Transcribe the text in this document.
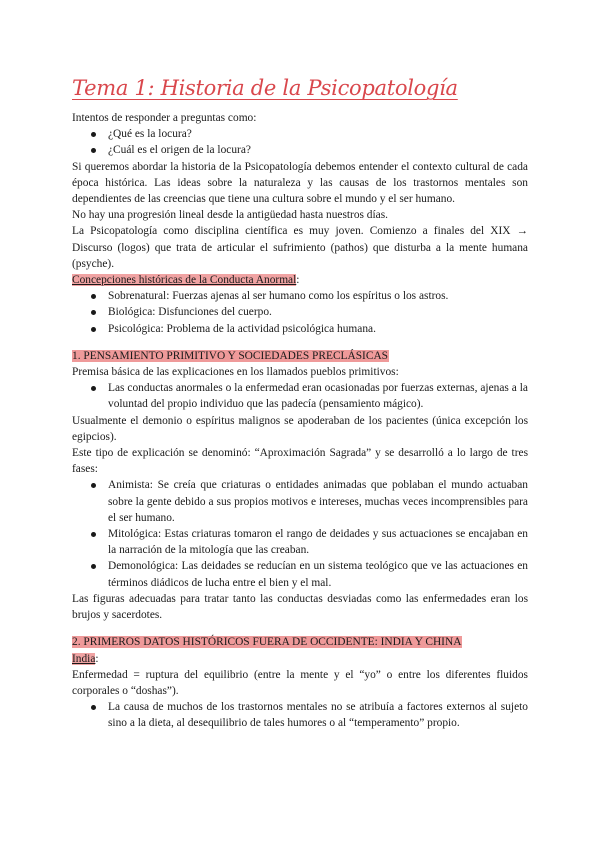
Tema 1: Historia de la Psicopatología

Intentos de responder a preguntas como:

¿Qué es la locura?
¿Cuál es el origen de la locura?

Si queremos abordar la historia de la Psicopatología debemos entender el contexto cultural de cada época histórica. Las ideas sobre la naturaleza y las causas de los trastornos mentales son dependientes de las creencias que tiene una cultura sobre el mundo y el ser humano.

No hay una progresión lineal desde la antigüedad hasta nuestros días.

La Psicopatología como disciplina científica es muy joven. Comienzo a finales del XIX → Discurso (logos) que trata de articular el sufrimiento (pathos) que disturba a la mente humana (psyche).

Concepciones históricas de la Conducta Anormal:

Sobrenatural: Fuerzas ajenas al ser humano como los espíritus o los astros.
Biológica: Disfunciones del cuerpo.
Psicológica: Problema de la actividad psicológica humana.

1. PENSAMIENTO PRIMITIVO Y SOCIEDADES PRECLÁSICAS

Premisa básica de las explicaciones en los llamados pueblos primitivos:

Las conductas anormales o la enfermedad eran ocasionadas por fuerzas externas, ajenas a la voluntad del propio individuo que las padecía (pensamiento mágico).

Usualmente el demonio o espíritus malignos se apoderaban de los pacientes (única excepción los egipcios).

Este tipo de explicación se denominó: “Aproximación Sagrada” y se desarrolló a lo largo de tres fases:

Animista: Se creía que criaturas o entidades animadas que poblaban el mundo actuaban sobre la gente debido a sus propios motivos e intereses, muchas veces incomprensibles para el ser humano.
Mitológica: Estas criaturas tomaron el rango de deidades y sus actuaciones se encajaban en la narración de la mitología que las creaban.
Demonológica: Las deidades se reducían en un sistema teológico que ve las actuaciones en términos diádicos de lucha entre el bien y el mal.

Las figuras adecuadas para tratar tanto las conductas desviadas como las enfermedades eran los brujos y sacerdotes.

2. PRIMEROS DATOS HISTÓRICOS FUERA DE OCCIDENTE: INDIA Y CHINA

India:

Enfermedad = ruptura del equilibrio (entre la mente y el “yo” o entre los diferentes fluidos corporales o “doshas”).

La causa de muchos de los trastornos mentales no se atribuía a factores externos al sujeto sino a la dieta, al desequilibrio de tales humores o al “temperamento” propio.
